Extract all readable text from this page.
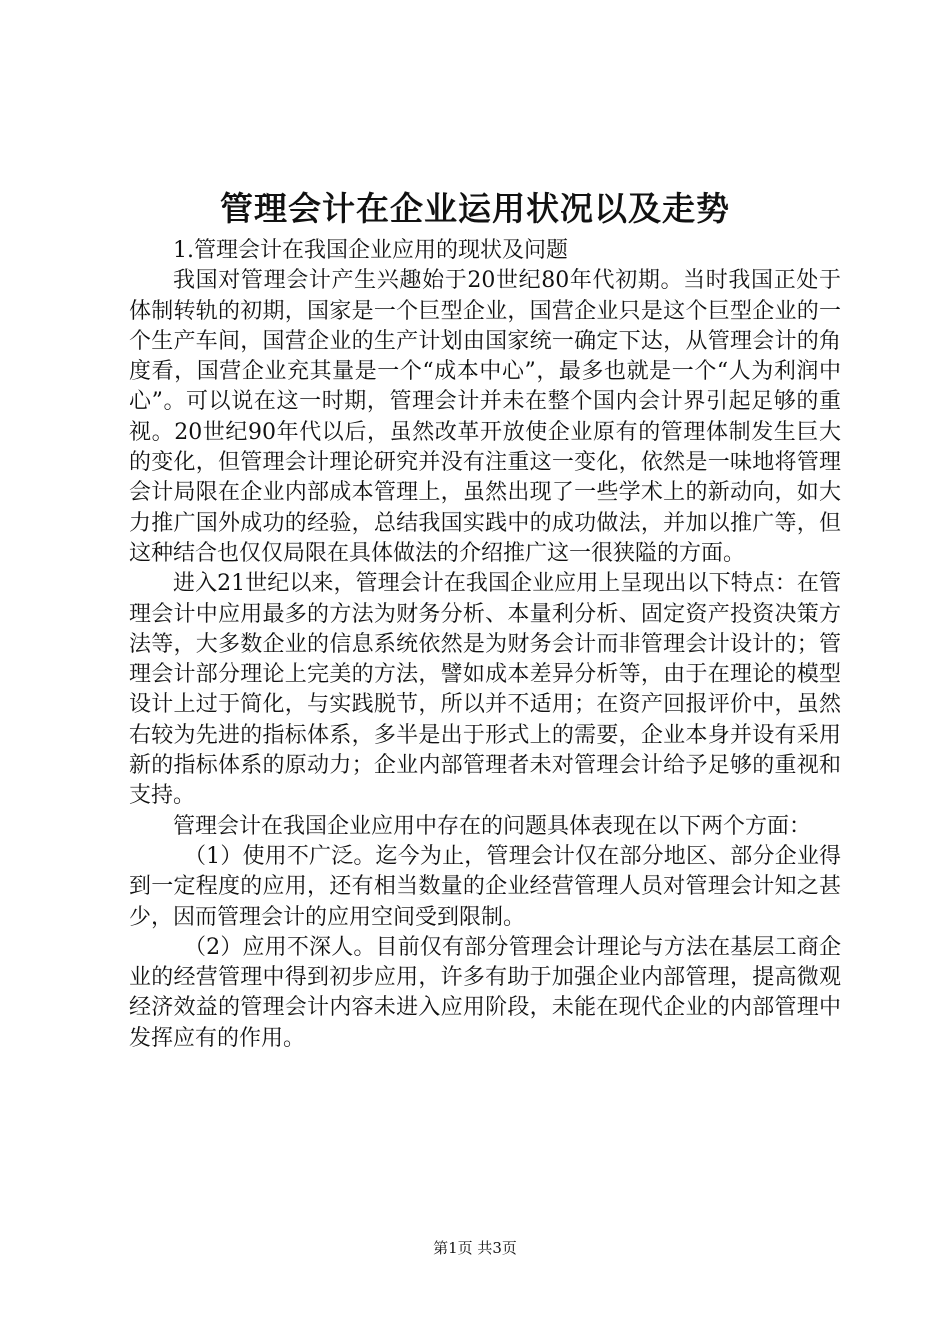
管理会计在企业运用状况以及走势

1.管理会计在我国企业应用的现状及问题

我国对管理会计产生兴趣始于20世纪80年代初期。当时我国正处于体制转轨的初期，国家是一个巨型企业，国营企业只是这个巨型企业的一个生产车间，国营企业的生产计划由国家统一确定下达，从管理会计的角度看，国营企业充其量是一个“成本中心”，最多也就是一个“人为利润中心”。可以说在这一时期，管理会计并未在整个国内会计界引起足够的重视。20世纪90年代以后，虽然改革开放使企业原有的管理体制发生巨大的变化，但管理会计理论研究并没有注重这一变化，依然是一味地将管理会计局限在企业内部成本管理上，虽然出现了一些学术上的新动向，如大力推广国外成功的经验，总结我国实践中的成功做法，并加以推广等，但这种结合也仅仅局限在具体做法的介绍推广这一很狭隘的方面。

进入21世纪以来，管理会计在我国企业应用上呈现出以下特点：在管理会计中应用最多的方法为财务分析、本量利分析、固定资产投资决策方法等，大多数企业的信息系统依然是为财务会计而非管理会计设计的；管理会计部分理论上完美的方法，譬如成本差异分析等，由于在理论的模型设计上过于简化，与实践脱节，所以并不适用；在资产回报评价中，虽然右较为先进的指标体系，多半是出于形式上的需要，企业本身并设有采用新的指标体系的原动力；企业内部管理者未对管理会计给予足够的重视和支持。

管理会计在我国企业应用中存在的问题具体表现在以下两个方面：

（1）使用不广泛。迄今为止，管理会计仅在部分地区、部分企业得到一定程度的应用，还有相当数量的企业经营管理人员对管理会计知之甚少，因而管理会计的应用空间受到限制。

（2）应用不深人。目前仅有部分管理会计理论与方法在基层工商企业的经营管理中得到初步应用，许多有助于加强企业内部管理，提高微观经济效益的管理会计内容未进入应用阶段，未能在现代企业的内部管理中发挥应有的作用。

第1页 共3页
